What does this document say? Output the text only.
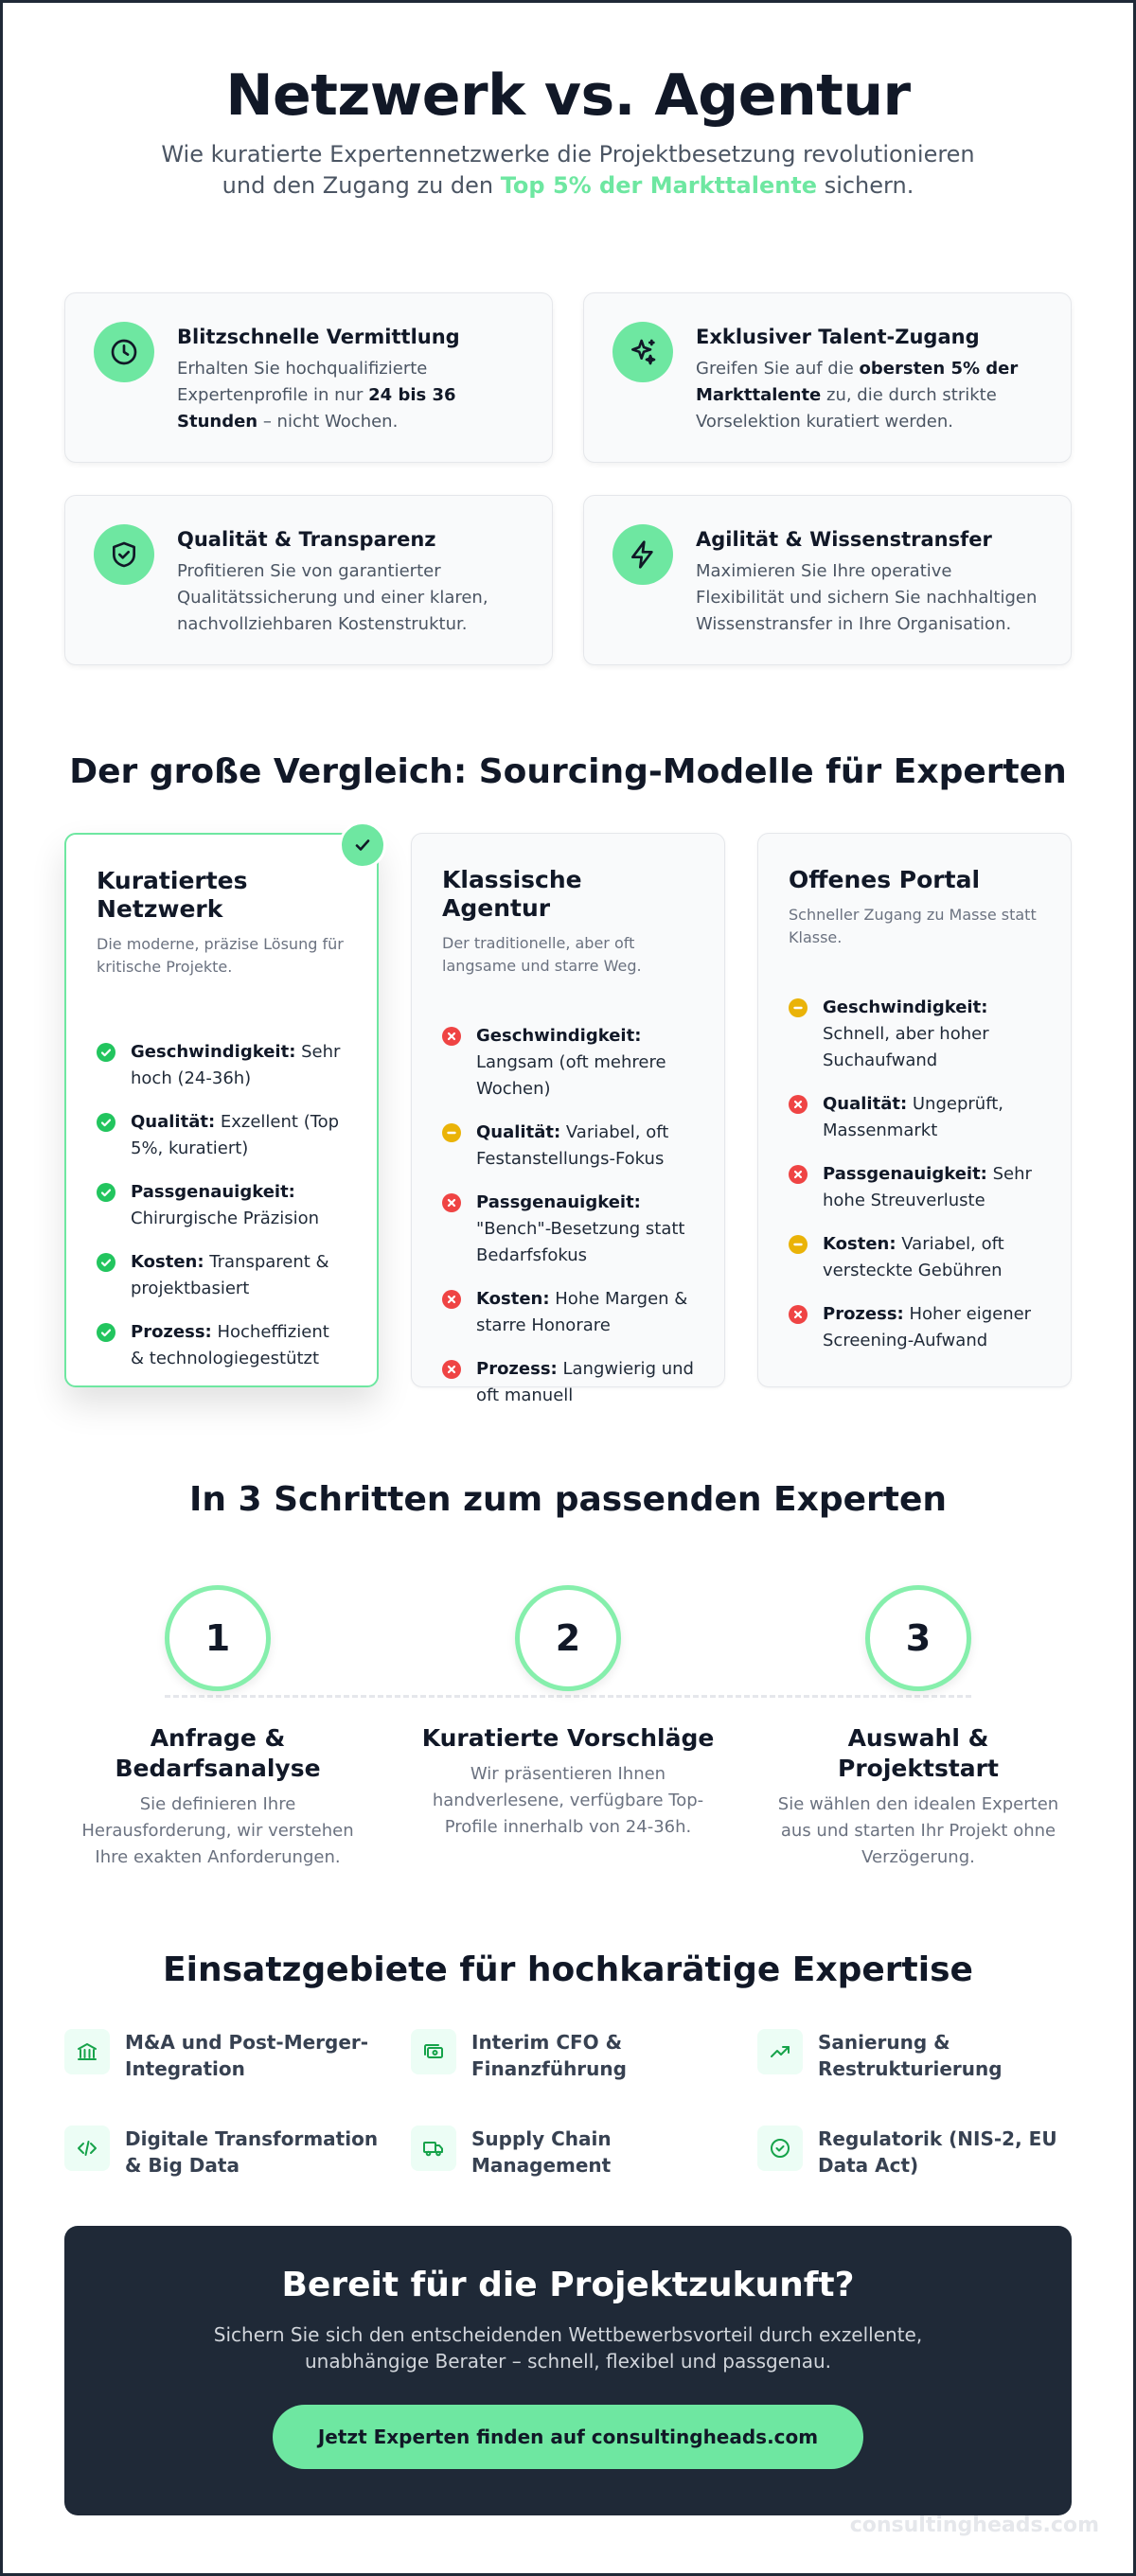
Netzwerk vs. Agentur

Wie kuratierte Expertennetzwerke die Projektbesetzung revolutionieren
und den Zugang zu den Top 5% der Markttalente sichern.

Blitzschnelle Vermittlung

Erhalten Sie hochqualifizierte Expertenprofile in nur 24 bis 36 Stunden – nicht Wochen.

Exklusiver Talent-Zugang

Greifen Sie auf die obersten 5% der Markttalente zu, die durch strikte Vorselektion kuratiert werden.

Qualität & Transparenz

Profitieren Sie von garantierter Qualitätssicherung und einer klaren, nachvollziehbaren Kostenstruktur.

Agilität & Wissenstransfer

Maximieren Sie Ihre operative Flexibilität und sichern Sie nachhaltigen Wissenstransfer in Ihre Organisation.

Der große Vergleich: Sourcing-Modelle für Experten
Kuratiertes Netzwerk
Die moderne, präzise Lösung für kritische Projekte.
Geschwindigkeit: Sehr hoch (24-36h)
Qualität: Exzellent (Top 5%, kuratiert)
Passgenauigkeit: Chirurgische Präzision
Kosten: Transparent & projektbasiert
Prozess: Hocheffizient & technologiegestützt
Klassische Agentur
Der traditionelle, aber oft langsame und starre Weg.
Geschwindigkeit: Langsam (oft mehrere Wochen)
Qualität: Variabel, oft Festanstellungs-Fokus
Passgenauigkeit: "Bench"-Besetzung statt Bedarfsfokus
Kosten: Hohe Margen & starre Honorare
Prozess: Langwierig und oft manuell
Offenes Portal
Schneller Zugang zu Masse statt Klasse.
Geschwindigkeit: Schnell, aber hoher Suchaufwand
Qualität: Ungeprüft, Massenmarkt
Passgenauigkeit: Sehr hohe Streuverluste
Kosten: Variabel, oft versteckte Gebühren
Prozess: Hoher eigener Screening-Aufwand
In 3 Schritten zum passenden Experten
1
Anfrage & Bedarfsanalyse

Sie definieren Ihre Herausforderung, wir verstehen Ihre exakten Anforderungen.

2
Kuratierte Vorschläge

Wir präsentieren Ihnen handverlesene, verfügbare Top-Profile innerhalb von 24-36h.

3
Auswahl & Projektstart

Sie wählen den idealen Experten aus und starten Ihr Projekt ohne Verzögerung.

Einsatzgebiete für hochkarätige Expertise
M&A und Post-Merger-Integration
Interim CFO & Finanzführung
Sanierung & Restrukturierung
Digitale Transformation & Big Data
Supply Chain Management
Regulatorik (NIS-2, EU Data Act)
Bereit für die Projektzukunft?

Sichern Sie sich den entscheidenden Wettbewerbsvorteil durch exzellente,
unabhängige Berater – schnell, flexibel und passgenau.

Jetzt Experten finden auf consultingheads.com
consultingheads.com
